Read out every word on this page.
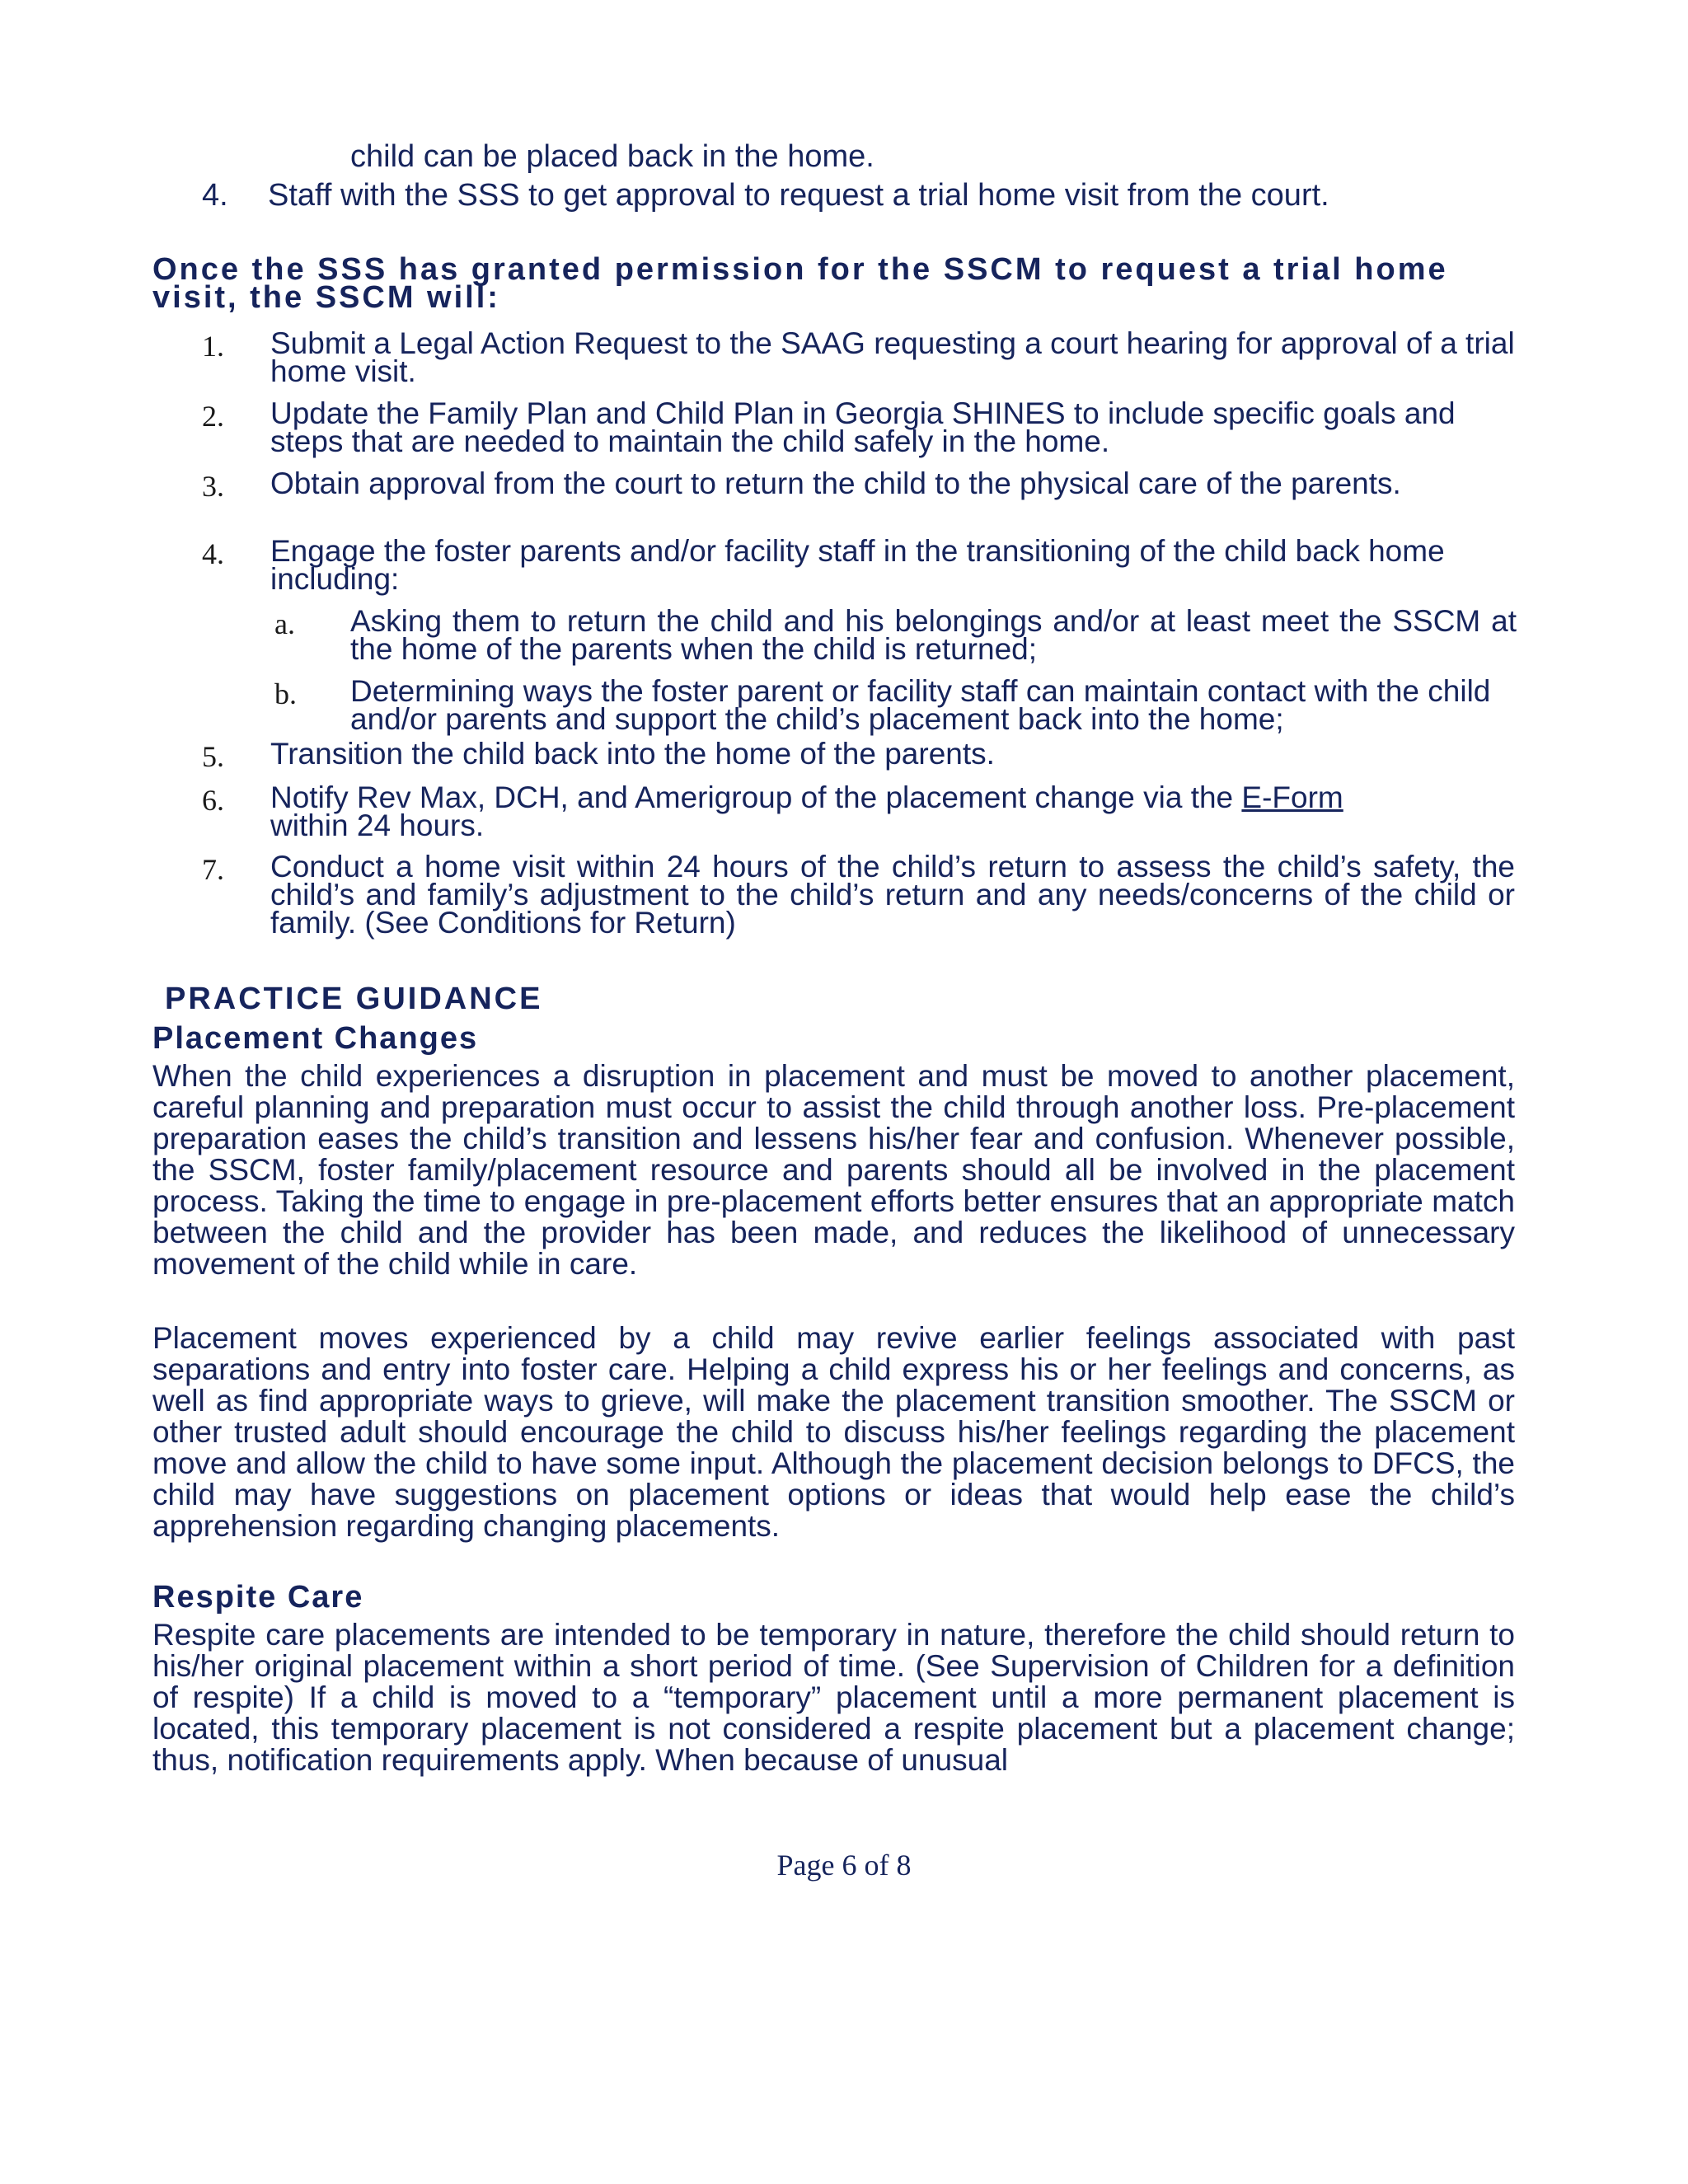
child can be placed back in the home.
4. Staff with the SSS to get approval to request a trial home visit from the court.
Once the SSS has granted permission for the SSCM to request a trial home visit, the SSCM will:
1. Submit a Legal Action Request to the SAAG requesting a court hearing for approval of a trial home visit.
2. Update the Family Plan and Child Plan in Georgia SHINES to include specific goals and steps that are needed to maintain the child safely in the home.
3. Obtain approval from the court to return the child to the physical care of the parents.
4. Engage the foster parents and/or facility staff in the transitioning of the child back home including:
a. Asking them to return the child and his belongings and/or at least meet the SSCM at the home of the parents when the child is returned;
b. Determining ways the foster parent or facility staff can maintain contact with the child and/or parents and support the child’s placement back into the home;
5. Transition the child back into the home of the parents.
6. Notify Rev Max, DCH, and Amerigroup of the placement change via the E-Form
within 24 hours.
7. Conduct a home visit within 24 hours of the child’s return to assess the child’s safety, the child’s and family’s adjustment to the child’s return and any needs/concerns of the child or family. (See Conditions for Return)
PRACTICE GUIDANCE
Placement Changes
When the child experiences a disruption in placement and must be moved to another placement, careful planning and preparation must occur to assist the child through another loss. Pre-placement preparation eases the child’s transition and lessens his/her fear and confusion. Whenever possible, the SSCM, foster family/placement resource and parents should all be involved in the placement process. Taking the time to engage in pre-placement efforts better ensures that an appropriate match between the child and the provider has been made, and reduces the likelihood of unnecessary movement of the child while in care.
Placement moves experienced by a child may revive earlier feelings associated with past separations and entry into foster care. Helping a child express his or her feelings and concerns, as well as find appropriate ways to grieve, will make the placement transition smoother. The SSCM or other trusted adult should encourage the child to discuss his/her feelings regarding the placement move and allow the child to have some input. Although the placement decision belongs to DFCS, the child may have suggestions on placement options or ideas that would help ease the child’s apprehension regarding changing placements.
Respite Care
Respite care placements are intended to be temporary in nature, therefore the child should return to his/her original placement within a short period of time. (See Supervision of Children for a definition of respite) If a child is moved to a “temporary” placement until a more permanent placement is located, this temporary placement is not considered a respite placement but a placement change; thus, notification requirements apply. When because of unusual
Page 6 of 8
